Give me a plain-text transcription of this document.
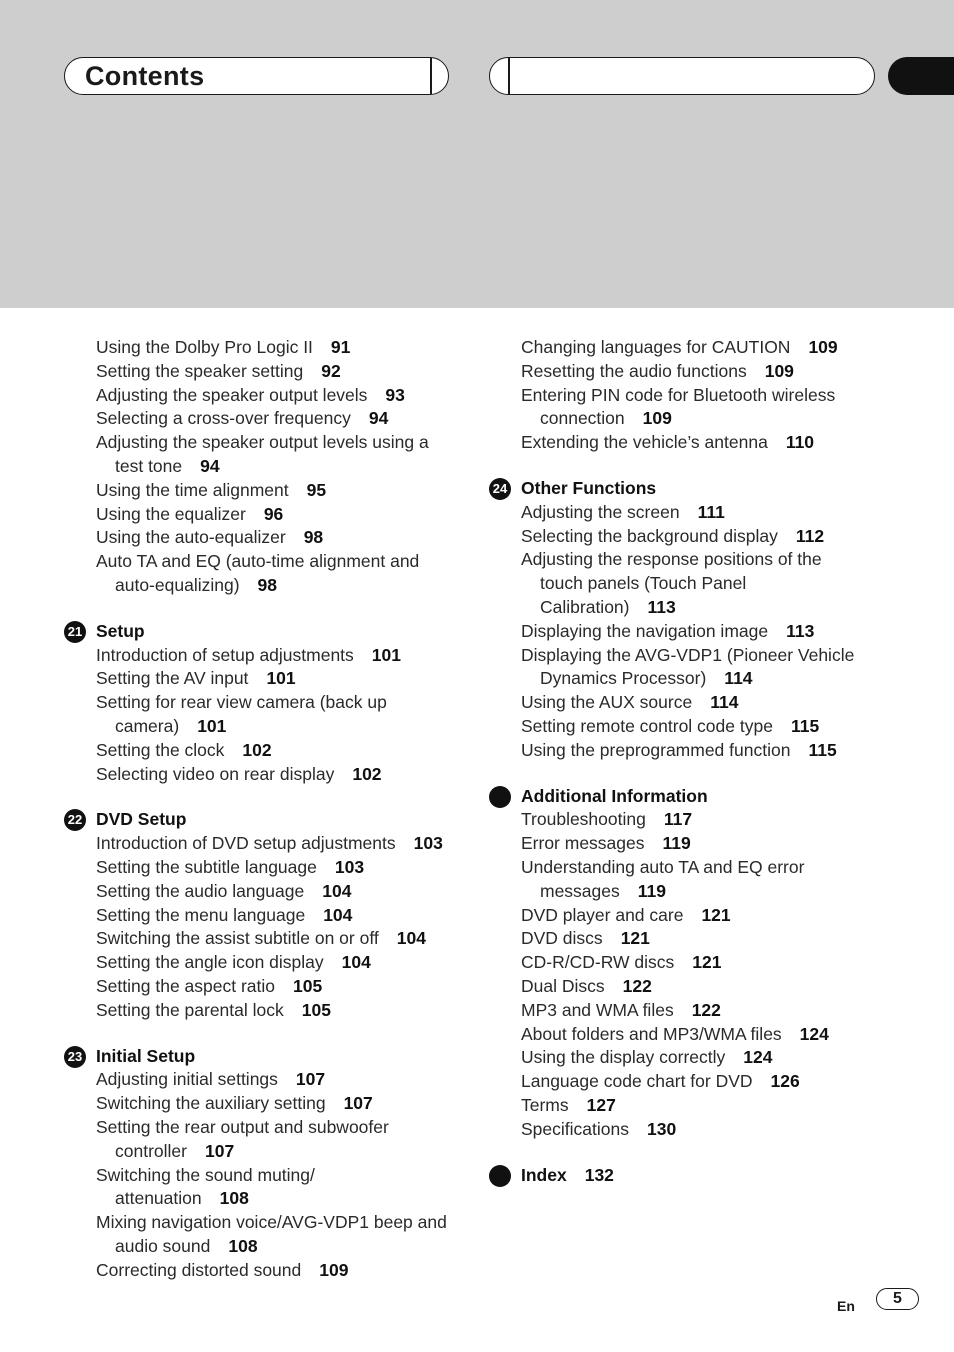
Contents
Using the Dolby Pro Logic II 91
Setting the speaker setting 92
Adjusting the speaker output levels 93
Selecting a cross-over frequency 94
Adjusting the speaker output levels using a
test tone 94
Using the time alignment 95
Using the equalizer 96
Using the auto-equalizer 98
Auto TA and EQ (auto-time alignment and
auto-equalizing) 98
21 Setup
Introduction of setup adjustments 101
Setting the AV input 101
Setting for rear view camera (back up
camera) 101
Setting the clock 102
Selecting video on rear display 102
22 DVD Setup
Introduction of DVD setup adjustments 103
Setting the subtitle language 103
Setting the audio language 104
Setting the menu language 104
Switching the assist subtitle on or off 104
Setting the angle icon display 104
Setting the aspect ratio 105
Setting the parental lock 105
23 Initial Setup
Adjusting initial settings 107
Switching the auxiliary setting 107
Setting the rear output and subwoofer
controller 107
Switching the sound muting/
attenuation 108
Mixing navigation voice/AVG-VDP1 beep and
audio sound 108
Correcting distorted sound 109
Changing languages for CAUTION 109
Resetting the audio functions 109
Entering PIN code for Bluetooth wireless
connection 109
Extending the vehicle’s antenna 110
24 Other Functions
Adjusting the screen 111
Selecting the background display 112
Adjusting the response positions of the
touch panels (Touch Panel
Calibration) 113
Displaying the navigation image 113
Displaying the AVG-VDP1 (Pioneer Vehicle
Dynamics Processor) 114
Using the AUX source 114
Setting remote control code type 115
Using the preprogrammed function 115
Additional Information
Troubleshooting 117
Error messages 119
Understanding auto TA and EQ error
messages 119
DVD player and care 121
DVD discs 121
CD-R/CD-RW discs 121
Dual Discs 122
MP3 and WMA files 122
About folders and MP3/WMA files 124
Using the display correctly 124
Language code chart for DVD 126
Terms 127
Specifications 130
Index 132
En	5
